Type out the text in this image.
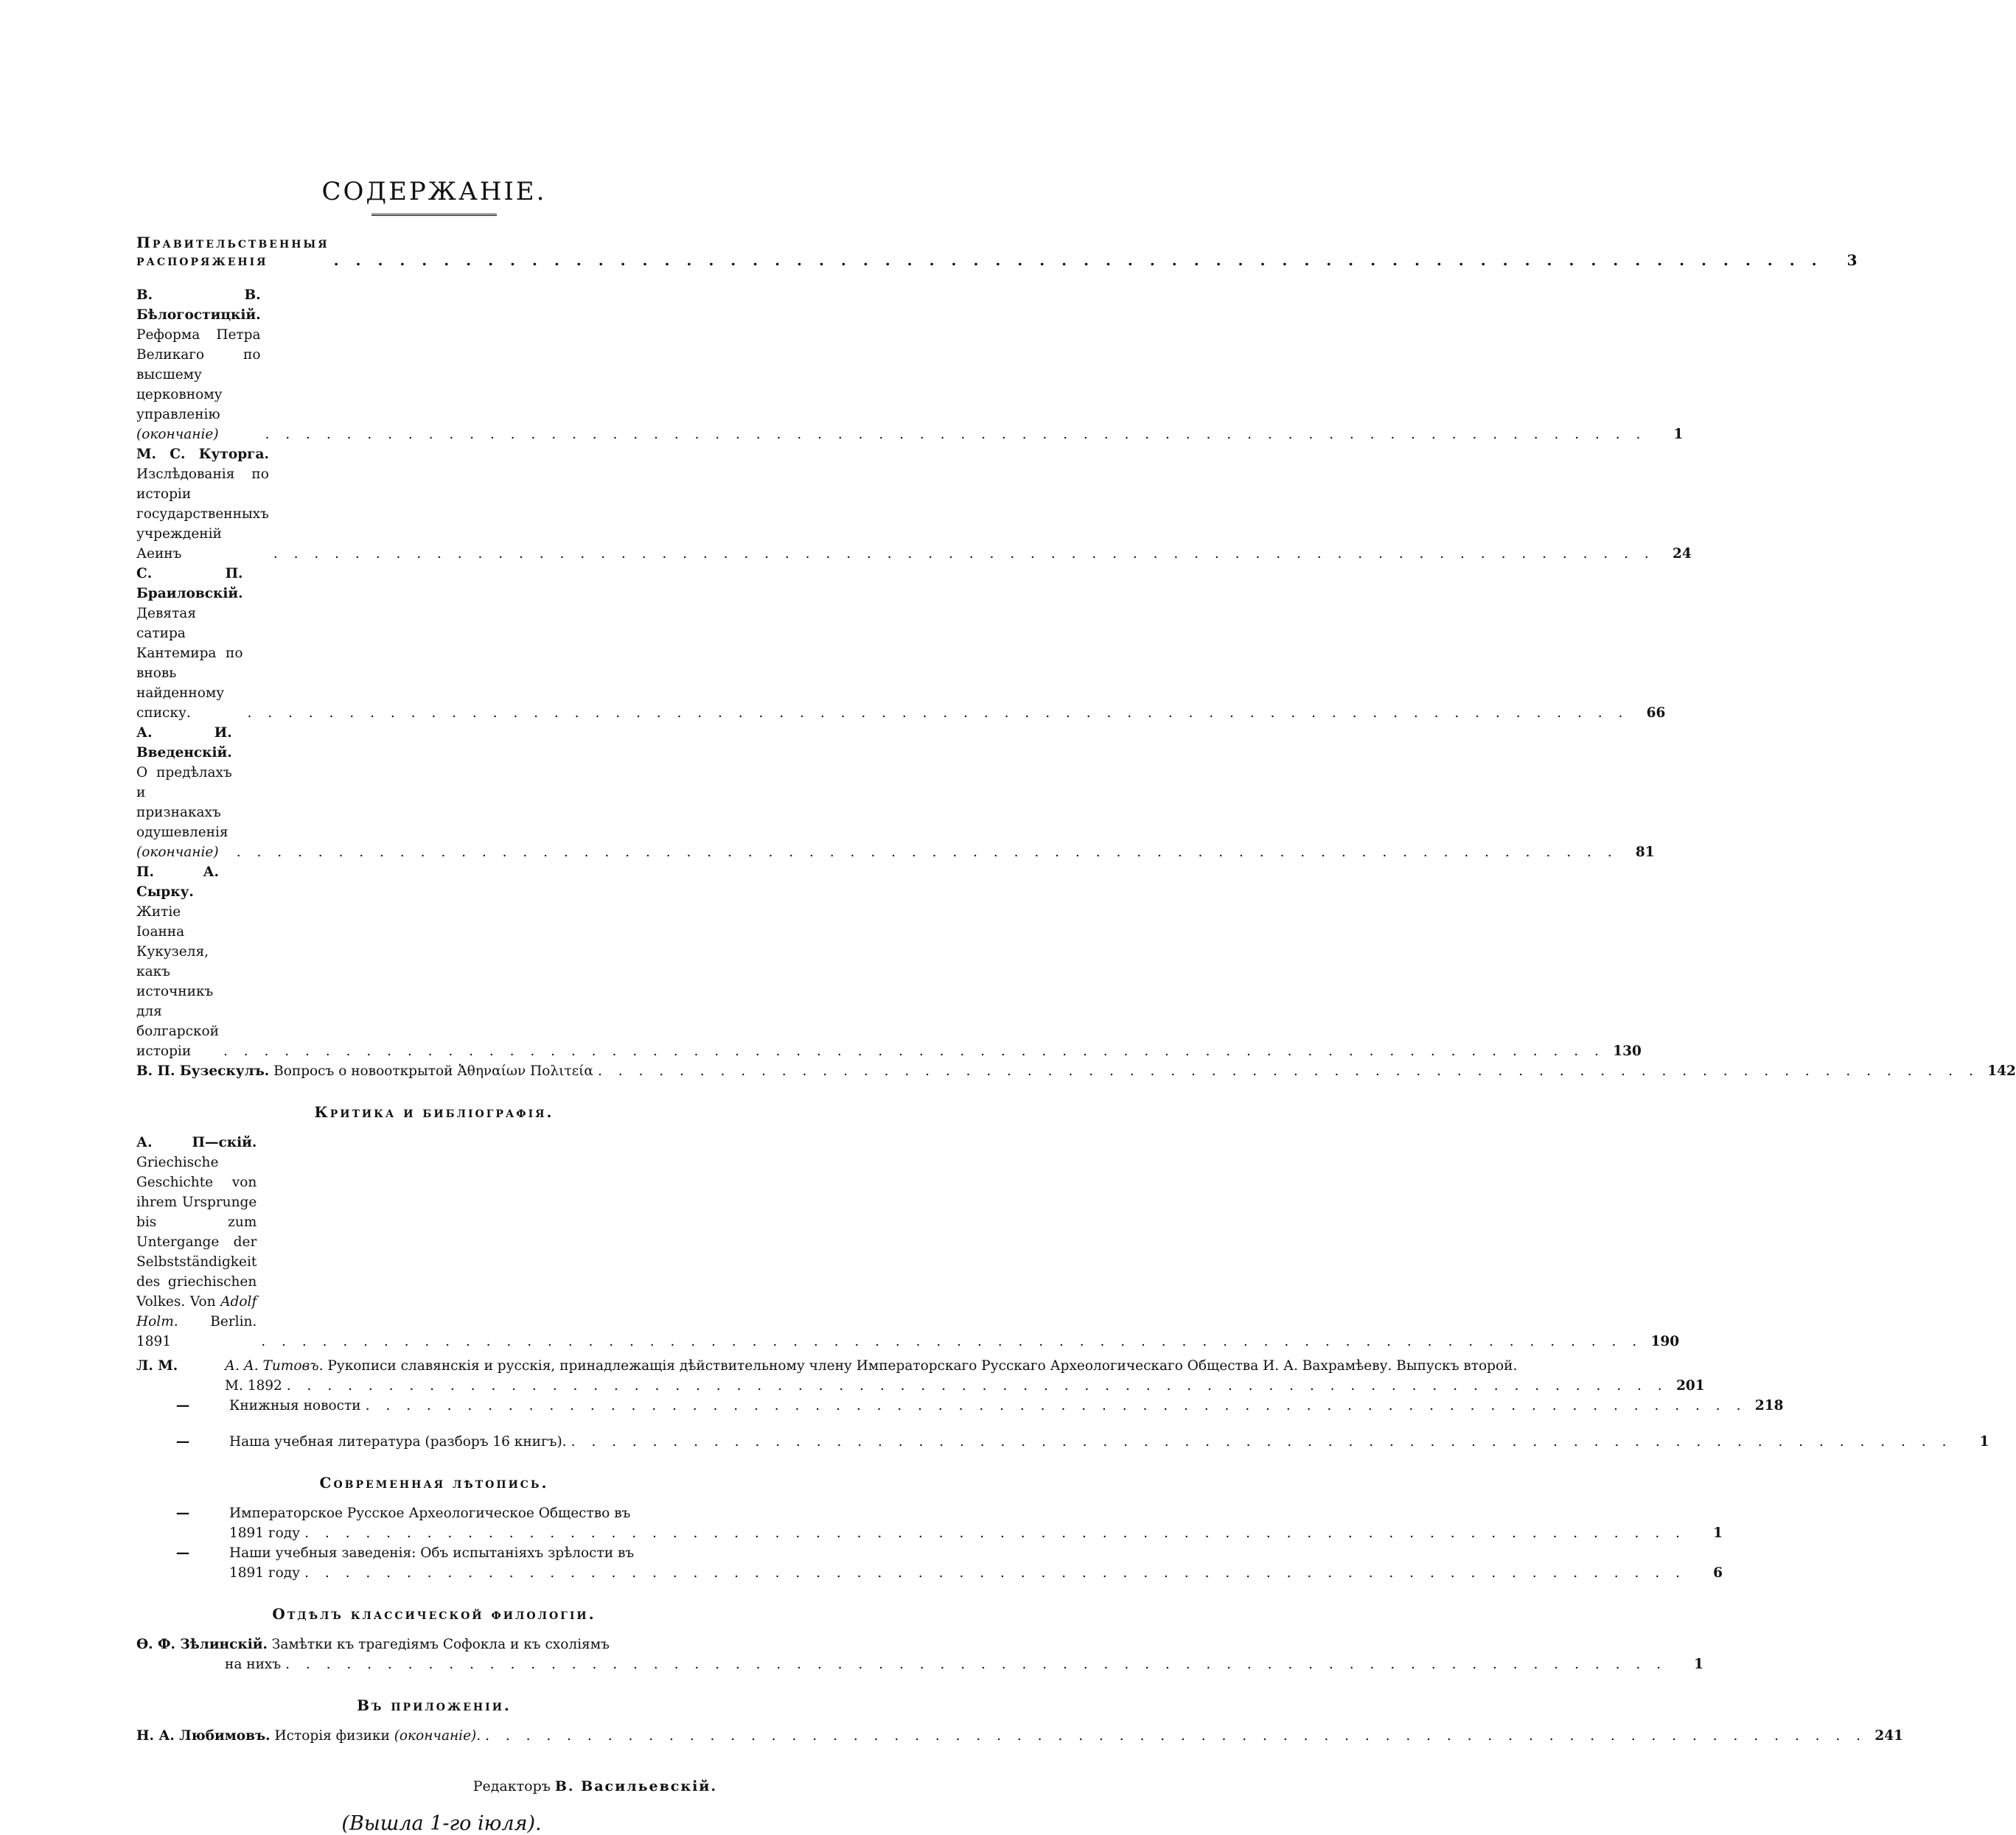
СОДЕРЖАНІЕ.
Правительственныя распоряженія . . .	3
В. В. Бѣлогостицкій. Реформа Петра Великаго по высшему церковному управленію (окончаніе) . . .	1
М. С. Куторга. Изслѣдованія по исторіи государственныхъ учрежденій Аеинъ . . .	24
С. П. Браиловскій. Девятая сатира Кантемира по вновь найденному списку. . . .	66
А. И. Введенскій. О предѣлахъ и признакахъ одушевленія (окончаніе) . . .	81
П. А. Сырку. Житіе Іоанна Кукузеля, какъ источникъ для болгарской исторіи . . .	130
В. П. Бузескулъ. Вопросъ о новооткрытой Ἀθηναίων Πολιτεία . . .	142
Критика и библіографія.
А. П—скій. Griechische Geschichte von ihrem Ursprunge bis zum Untergange der Selbstständigkeit des griechischen Volkes. Von Adolf Holm. Berlin. 1891 . . .	190
Л. М.	А. А. Титовъ. Рукописи славянскія и русскія, принадлежащія дѣйствительному члену Императорскаго Русскаго Археологическаго Общества И. А. Вахрамѣеву. Выпускъ второй.
М. 1892 . . .	201
—	Книжныя новости . . .	218
—	Наша учебная литература (разборъ 16 книгъ). . . .	1
Современная лѣтопись.
—	Императорское Русское Археологическое Общество въ
1891 году . . .	1
—	Наши учебныя заведенія: Объ испытаніяхъ зрѣлости въ
1891 году . . .	6
Отдѣлъ классической филологіи.
Ѳ. Ф. Зѣлинскій. Замѣтки къ трагедіямъ Софокла и къ схоліямъ
на нихъ . . .	1
Въ приложеніи.
Н. А. Любимовъ. Исторія физики (окончаніе). . . .	241
Редакторъ В. Васильевскій.
(Вышла 1-го іюля).
